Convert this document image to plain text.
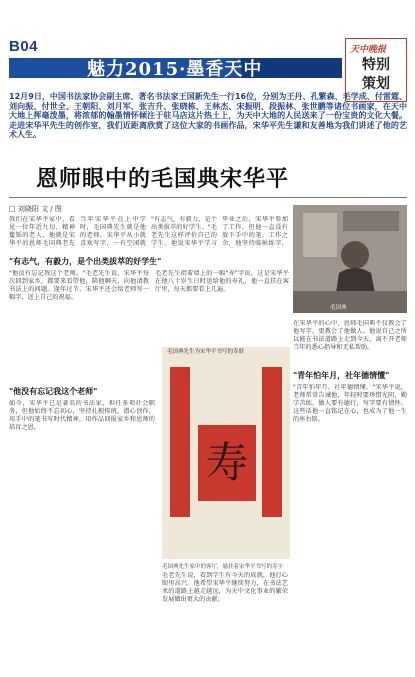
B04
魅力2015·墨香天中
天中晚报
特别
策划
12月9日，中国书法家协会副主席、著名书法家王国新先生一行16位，分别为王丹、孔繁森、毛学成、付雷霆、刘向振、付世全、王朝阳、刘月军、张吉升、张晓栋、王林杰、宋振明、段振林、张世鹏等诸位书画家，在天中大地上挥毫泼墨，将浓郁的翰墨情怀倾注于驻马店这片热土上，为天中大地的人民送来了一份宝贵的文化大餐。走进宋华平先生的创作室，我们近距离欣赏了这位大家的书画作品，宋华平先生谦和友善地为我们讲述了他的艺术人生。
恩师眼中的毛国典宋华平
□ 刘晓阳 文 / 图
我们在宋华平家中，看见一位年近九旬、精神矍铄的老人，他就是宋华平的恩师毛国典老先
当年宋华平在上中学时，毛国典先生就是他的老师。宋华平从小就喜欢写字，一有空闲就
"有志气，有毅力，是个出类拔萃的好学生。"毛老先生这样评价自己的学生。他说宋华平学习
毕业之后，宋华平参加了工作，但他一直没有放下手中的笔。工作之余，他坚持临帖练字，
毛国典
"有志气，有毅力，是个出类拔萃的好学生"
"他没有忘记我这个老师。"毛老先生说，宋华平每次回到家乡，都要来看望他，陪他聊天，向他请教书法上的问题。逢年过节，宋华平还会给老师写一幅字，送上自己的祝福。
毛老先生指着墙上的一幅"寿"字说，这是宋华平在他八十岁生日时送给他的寿礼，他一直挂在客厅里，每天都要看上几遍。
在宋华平的心中，恩师毛国典不仅教会了他写字，更教会了他做人。他说自己之所以能在书法道路上走到今天，离不开老师当年的悉心指导和无私帮助。
"青年怕年月，社年德情懂"
"青年怕年月，社年德情懂。"宋华平说，老师常常告诫他，年轻时要珍惜光阴，勤学苦练，做人要有德行，写字要有情怀。这些话他一直铭记在心，也成为了他一生的座右铭。
"他没有忘记我这个老师"
如今，宋华平已是著名的书法家，担任多项社会职务，但他始终不忘初心，坚持扎根传统，潜心创作，用手中的笔书写时代精神，用作品回报家乡和恩师的培育之恩。
毛老先生说，看到学生有今天的成就，他打心眼里高兴。他希望宋华平继续努力，在书法艺术的道路上越走越远，为天中文化事业的繁荣发展做出更大的贡献。
毛国典先生为宋华平书写的寿联
寿
毛国典先生家中的客厅，悬挂着宋华平书写的寿字
